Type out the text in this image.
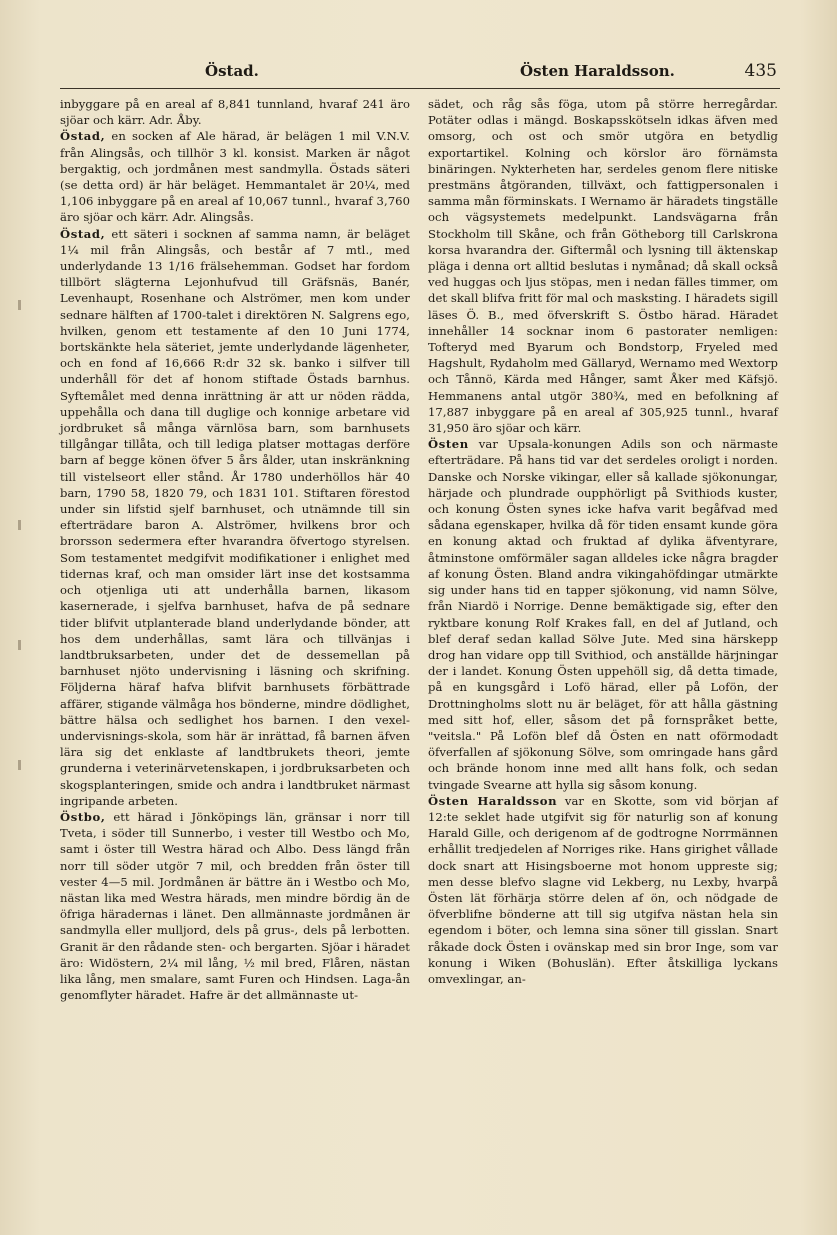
Östad.	Östen Haraldsson.	435

inbyggare på en areal af 8,841 tunnland, hvaraf 241 äro sjöar och kärr. Adr. Åby.

Östad, en socken af Ale härad, är belägen 1 mil V.N.V. från Alingsås, och tillhör 3 kl. konsist. Marken är något bergaktig, och jordmånen mest sandmylla. Östads säteri (se detta ord) är här beläget. Hemmantalet är 20¼, med 1,106 inbyggare på en areal af 10,067 tunnl., hvaraf 3,760 äro sjöar och kärr. Adr. Alingsås.

Östad, ett säteri i socknen af samma namn, är beläget 1¼ mil från Alingsås, och består af 7 mtl., med underlydande 13 1/16 frälsehemman. Godset har fordom tillbört slägterna Lejonhufvud till Gräfsnäs, Banér, Levenhaupt, Rosenhane och Alströmer, men kom under sednare hälften af 1700-talet i direktören N. Salgrens ego, hvilken, genom ett testamente af den 10 Juni 1774, bortskänkte hela säteriet, jemte underlydande lägenheter, och en fond af 16,666 R:dr 32 sk. banko i silfver till underhåll för det af honom stiftade Östads barnhus. Syftemålet med denna inrättning är att ur nöden rädda, uppehålla och dana till duglige och konnige arbetare vid jordbruket så många värnlösa barn, som barnhusets tillgångar tillåta, och till lediga platser mottagas derföre barn af begge könen öfver 5 års ålder, utan inskränkning till vistelseort eller stånd. År 1780 underhöllos här 40 barn, 1790 58, 1820 79, och 1831 101. Stiftaren förestod under sin lifstid sjelf barnhuset, och utnämnde till sin efterträdare baron A. Alströmer, hvilkens bror och brorsson sedermera efter hvarandra öfvertogo styrelsen. Som testamentet medgifvit modifikationer i enlighet med tidernas kraf, och man omsider lärt inse det kostsamma och otjenliga uti att underhålla barnen, likasom kasernerade, i sjelfva barnhuset, hafva de på sednare tider blifvit utplanterade bland underlydande bönder, att hos dem underhållas, samt lära och tillvänjas i landtbruksarbeten, under det de dessemellan på barnhuset njöto undervisning i läsning och skrifning. Följderna häraf hafva blifvit barnhusets förbättrade affärer, stigande välmåga hos bönderne, mindre dödlighet, bättre hälsa och sedlighet hos barnen. I den vexel-undervisnings-skola, som här är inrättad, få barnen äfven lära sig det enklaste af landtbrukets theori, jemte grunderna i veterinärvetenskapen, i jordbruksarbeten och skogsplanteringen, smide och andra i landtbruket närmast ingripande arbeten.

Östbo, ett härad i Jönköpings län, gränsar i norr till Tveta, i söder till Sunnerbo, i vester till Westbo och Mo, samt i öster till Westra härad och Albo. Dess längd från norr till söder utgör 7 mil, och bredden från öster till vester 4—5 mil. Jordmånen är bättre än i Westbo och Mo, nästan lika med Westra härads, men mindre bördig än de öfriga häradernas i länet. Den allmännaste jordmånen är sandmylla eller mulljord, dels på grus-, dels på lerbotten. Granit är den rådande sten- och bergarten. Sjöar i häradet äro: Widöstern, 2¼ mil lång, ½ mil bred, Flåren, nästan lika lång, men smalare, samt Furen och Hindsen. Laga-ån genomflyter häradet. Hafre är det allmännaste ut-

sädet, och råg sås föga, utom på större herregårdar. Potäter odlas i mängd. Boskapsskötseln idkas äfven med omsorg, och ost och smör utgöra en betydlig exportartikel. Kolning och körslor äro förnämsta binäringen. Nykterheten har, serdeles genom flere nitiske prestmäns åtgöranden, tillväxt, och fattigpersonalen i samma mån förminskats. I Wernamo är häradets tingställe och vägsystemets medelpunkt. Landsvägarna från Stockholm till Skåne, och från Götheborg till Carlskrona korsa hvarandra der. Giftermål och lysning till äktenskap pläga i denna ort alltid beslutas i nymånad; då skall också ved huggas och ljus stöpas, men i nedan fälles timmer, om det skall blifva fritt för mal och masksting. I häradets sigill läses Ö. B., med öfverskrift S. Östbo härad. Häradet innehåller 14 socknar inom 6 pastorater nemligen: Tofteryd med Byarum och Bondstorp, Fryeled med Hagshult, Rydaholm med Gällaryd, Wernamo med Wextorp och Tånnö, Kärda med Hånger, samt Åker med Käfsjö. Hemmanens antal utgör 380¾, med en befolkning af 17,887 inbyggare på en areal af 305,925 tunnl., hvaraf 31,950 äro sjöar och kärr.

Östen var Upsala-konungen Adils son och närmaste efterträdare. På hans tid var det serdeles oroligt i norden. Danske och Norske vikingar, eller så kallade sjökonungar, härjade och plundrade oupphörligt på Svithiods kuster, och konung Östen synes icke hafva varit begåfvad med sådana egenskaper, hvilka då för tiden ensamt kunde göra en konung aktad och fruktad af dylika äfventyrare, åtminstone omförmäler sagan alldeles icke några bragder af konung Östen. Bland andra vikingahöfdingar utmärkte sig under hans tid en tapper sjökonung, vid namn Sölve, från Niardö i Norrige. Denne bemäktigade sig, efter den ryktbare konung Rolf Krakes fall, en del af Jutland, och blef deraf sedan kallad Sölve Jute. Med sina härskepp drog han vidare opp till Svithiod, och anställde härjningar der i landet. Konung Östen uppehöll sig, då detta timade, på en kungsgård i Lofö härad, eller på Lofön, der Drottningholms slott nu är beläget, för att hålla gästning med sitt hof, eller, såsom det på fornspråket bette, "veitsla." På Lofön blef då Östen en natt oförmodadt öfverfallen af sjökonung Sölve, som omringade hans gård och brände honom inne med allt hans folk, och sedan tvingade Svearne att hylla sig såsom konung.

Östen Haraldsson var en Skotte, som vid början af 12:te seklet hade utgifvit sig för naturlig son af konung Harald Gille, och derigenom af de godtrogne Norrmännen erhållit tredjedelen af Norriges rike. Hans girighet vållade dock snart att Hisingsboerne mot honom uppreste sig; men desse blefvo slagne vid Lekberg, nu Lexby, hvarpå Östen lät förhärja större delen af ön, och nödgade de öfverblifne bönderne att till sig utgifva nästan hela sin egendom i böter, och lemna sina söner till gisslan. Snart råkade dock Östen i ovänskap med sin bror Inge, som var konung i Wiken (Bohuslän). Efter åtskilliga lyckans omvexlingar, an-
